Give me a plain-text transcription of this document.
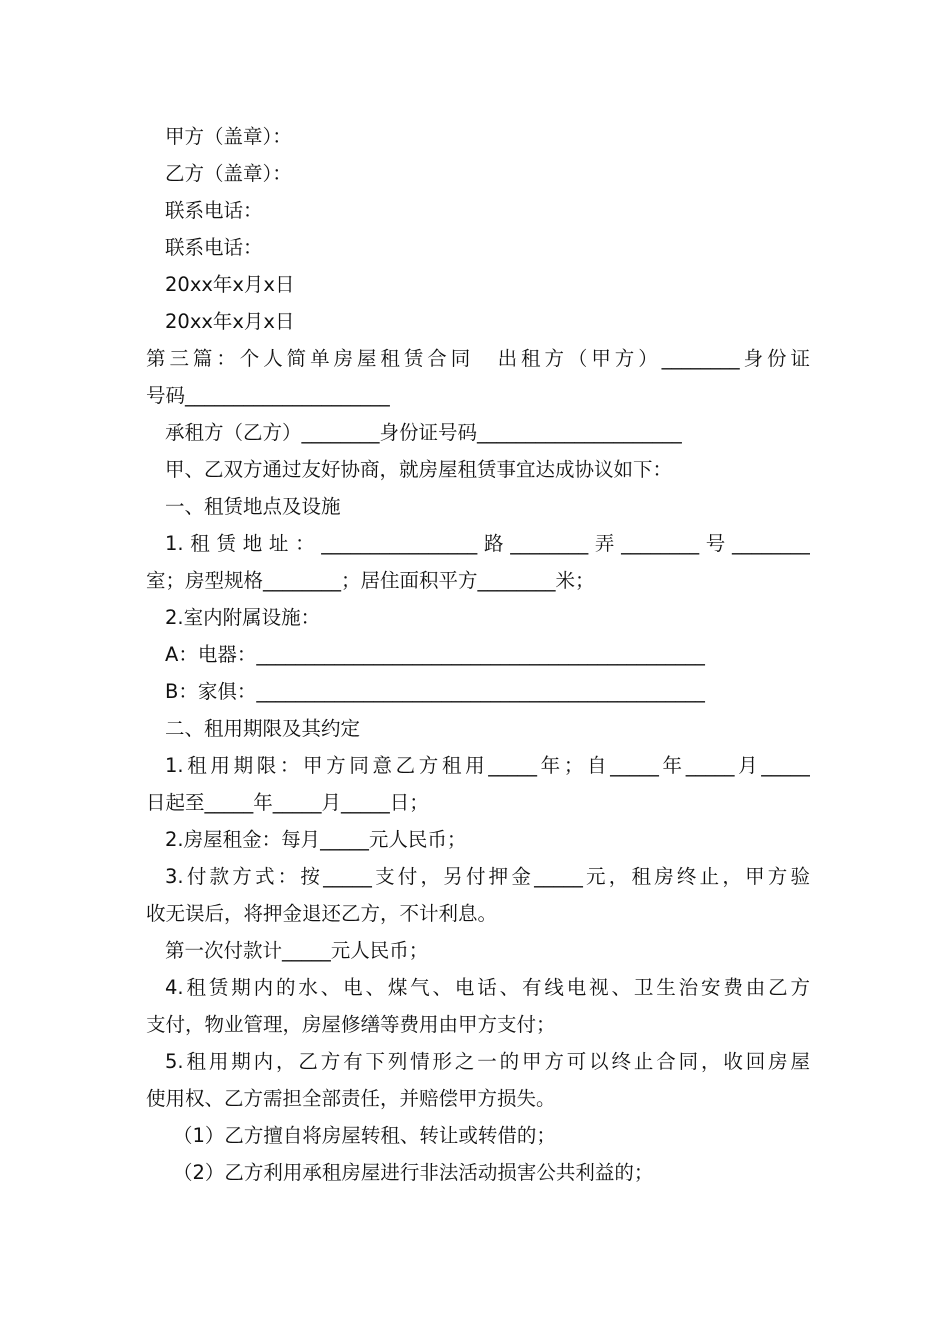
甲方（盖章）：

乙方（盖章）：

联系电话：

联系电话：

20xx年x月x日

20xx年x月x日

第三篇：个人简单房屋租赁合同　出租方（甲方）________身份证

号码_____________________

承租方（乙方）________身份证号码_____________________

甲、乙双方通过友好协商，就房屋租赁事宜达成协议如下：

一、租赁地点及设施

1.租赁地址：________________路________弄________号________

室；房型规格________；居住面积平方________米；

2.室内附属设施：

A：电器：______________________________________________

B：家俱：______________________________________________

二、租用期限及其约定

1.租用期限：甲方同意乙方租用_____年；自_____年_____月_____

日起至_____年_____月_____日；

2.房屋租金：每月_____元人民币；

3.付款方式：按_____支付，另付押金_____元，租房终止，甲方验

收无误后，将押金退还乙方，不计利息。

第一次付款计_____元人民币；

4.租赁期内的水、电、煤气、电话、有线电视、卫生治安费由乙方

支付，物业管理，房屋修缮等费用由甲方支付；

5.租用期内，乙方有下列情形之一的甲方可以终止合同，收回房屋

使用权、乙方需担全部责任，并赔偿甲方损失。

（1）乙方擅自将房屋转租、转让或转借的；

（2）乙方利用承租房屋进行非法活动损害公共利益的；
